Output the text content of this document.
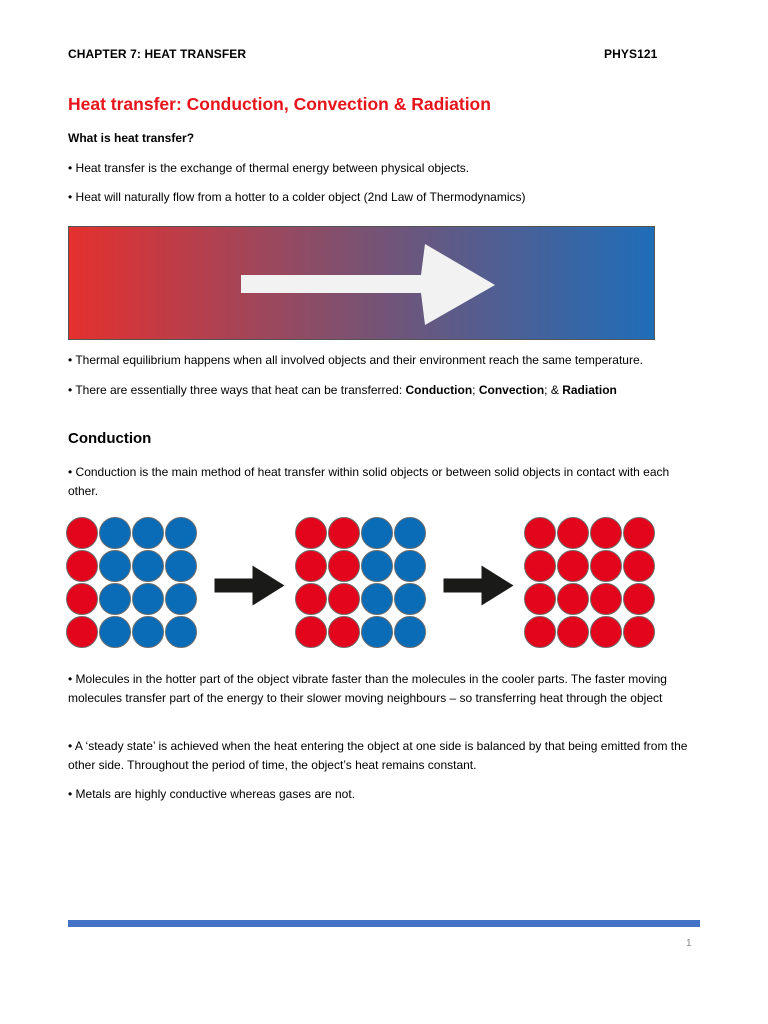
CHAPTER 7: HEAT TRANSFER	PHYS121
Heat transfer: Conduction, Convection & Radiation
What is heat transfer?

• Heat transfer is the exchange of thermal energy between physical objects.

• Heat will naturally flow from a hotter to a colder object (2nd Law of Thermodynamics)

• Thermal equilibrium happens when all involved objects and their environment reach the same temperature.

• There are essentially three ways that heat can be transferred: Conduction; Convection; & Radiation

Conduction

• Conduction is the main method of heat transfer within solid objects or between solid objects in contact with each other.

• Molecules in the hotter part of the object vibrate faster than the molecules in the cooler parts. The faster moving molecules transfer part of the energy to their slower moving neighbours – so transferring heat through the object

• A ‘steady state’ is achieved when the heat entering the object at one side is balanced by that being emitted from the other side. Throughout the period of time, the object’s heat remains constant.

• Metals are highly conductive whereas gases are not.

1
